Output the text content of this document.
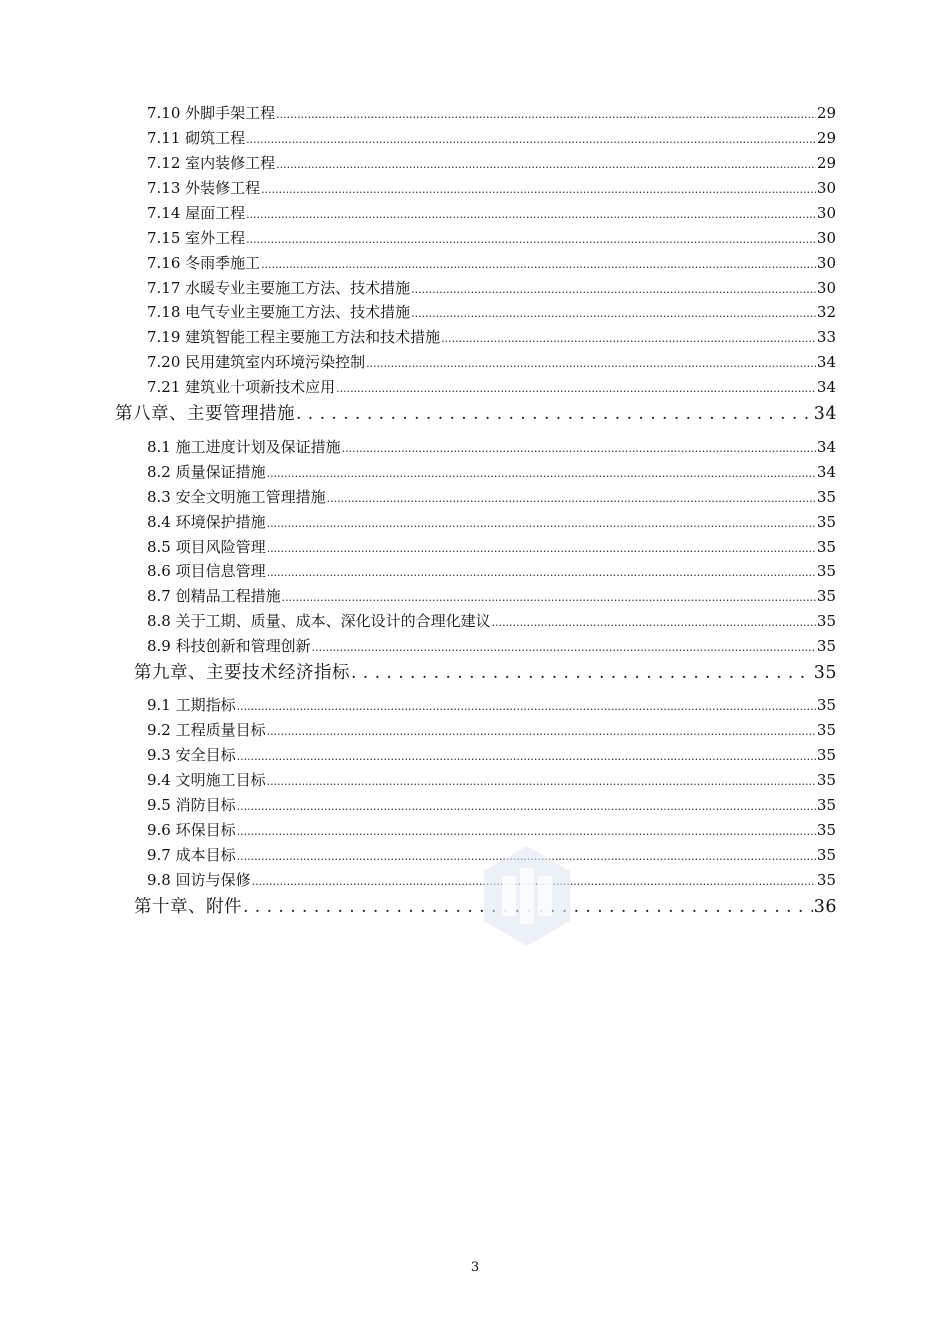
7.10 外脚手架工程 .....	29
7.11 砌筑工程 .....	29
7.12 室内装修工程 .....	29
7.13 外装修工程 .....	30
7.14 屋面工程 .....	30
7.15 室外工程 .....	30
7.16 冬雨季施工 .....	30
7.17 水暖专业主要施工方法、技术措施 .....	30
7.18 电气专业主要施工方法、技术措施 .....	32
7.19 建筑智能工程主要施工方法和技术措施 .....	33
7.20 民用建筑室内环境污染控制 .....	34
7.21 建筑业十项新技术应用 .....	34
第八章、主要管理措施 . . .	34
8.1 施工进度计划及保证措施 .....	34
8.2 质量保证措施 .....	34
8.3 安全文明施工管理措施 .....	35
8.4 环境保护措施 .....	35
8.5 项目风险管理 .....	35
8.6 项目信息管理 .....	35
8.7 创精品工程措施 .....	35
8.8 关于工期、质量、成本、深化设计的合理化建议 .....	35
8.9 科技创新和管理创新 .....	35
第九章、主要技术经济指标 . . .	35
9.1 工期指标 .....	35
9.2 工程质量目标 .....	35
9.3 安全目标 .....	35
9.4 文明施工目标 .....	35
9.5 消防目标 .....	35
9.6 环保目标 .....	35
9.7 成本目标 .....	35
9.8 回访与保修 .....	35
第十章、附件 . . .	36
3
